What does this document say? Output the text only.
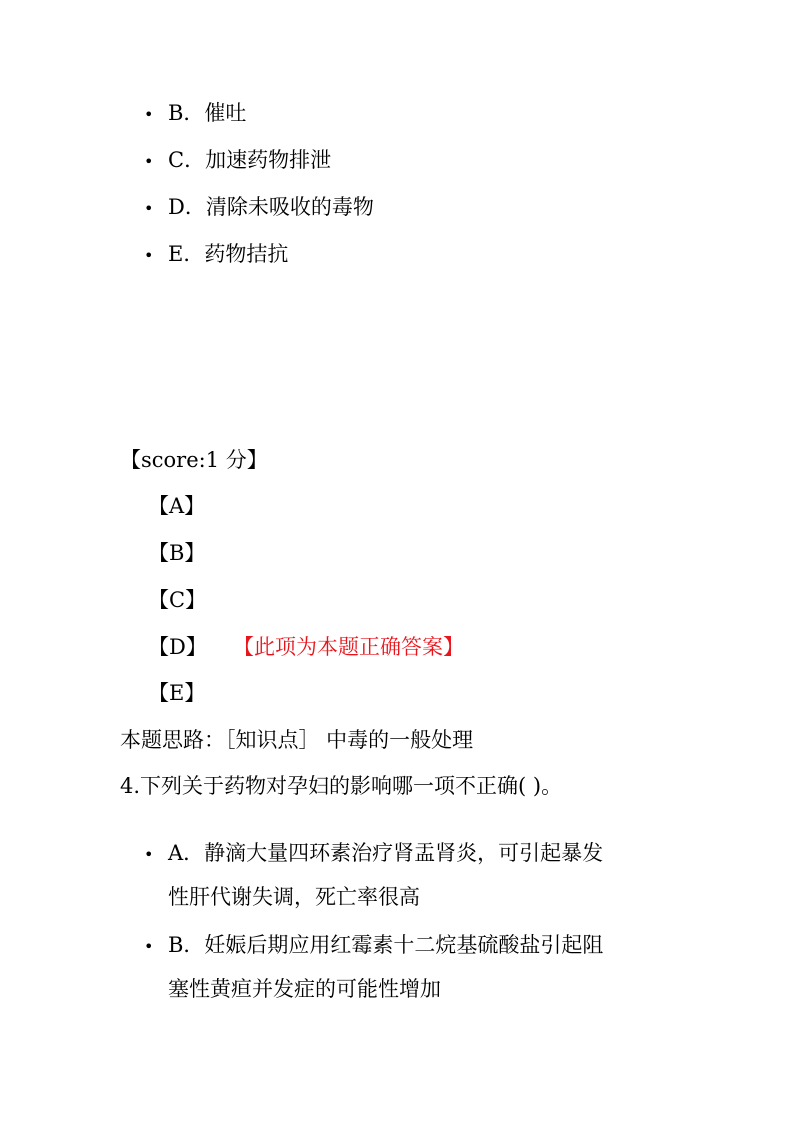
• B．催吐
• C．加速药物排泄
• D．清除未吸收的毒物
• E．药物拮抗
【score:1 分】
【A】
【B】
【C】
【D】 【此项为本题正确答案】
【E】
本题思路：［知识点］ 中毒的一般处理
4.下列关于药物对孕妇的影响哪一项不正确( )。
• A．静滴大量四环素治疗肾盂肾炎，可引起暴发
性肝代谢失调，死亡率很高
• B．妊娠后期应用红霉素十二烷基硫酸盐引起阻
塞性黄疸并发症的可能性增加
